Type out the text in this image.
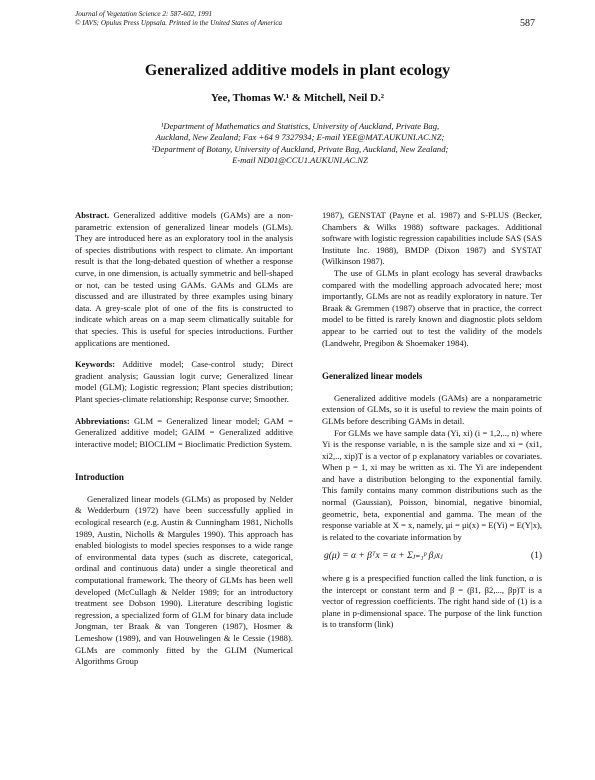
Journal of Vegetation Science 2: 587-602, 1991
© IAVS; Opulus Press Uppsala. Printed in the United States of America	587
Generalized additive models in plant ecology
Yee, Thomas W.¹ & Mitchell, Neil D.²
¹Department of Mathematics and Statistics, University of Auckland, Private Bag,
Auckland, New Zealand; Fax +64 9 7327934; E-mail YEE@MAT.AUKUNI.AC.NZ;
²Department of Botany, University of Auckland, Private Bag, Auckland, New Zealand;
E-mail ND01@CCU1.AUKUNI.AC.NZ

Abstract. Generalized additive models (GAMs) are a non-parametric extension of generalized linear models (GLMs). They are introduced here as an exploratory tool in the analysis of species distributions with respect to climate. An important result is that the long-debated question of whether a response curve, in one dimension, is actually symmetric and bell-shaped or not, can be tested using GAMs. GAMs and GLMs are discussed and are illustrated by three examples using binary data. A grey-scale plot of one of the fits is constructed to indicate which areas on a map seem climatically suitable for that species. This is useful for species introductions. Further applications are mentioned.

Keywords: Additive model; Case-control study; Direct gradient analysis; Gaussian logit curve; Generalized linear model (GLM); Logistic regression; Plant species distribution; Plant species-climate relationship; Response curve; Smoother.

Abbreviations: GLM = Generalized linear model; GAM = Generalized additive model; GAIM = Generalized additive interactive model; BIOCLIM = Bioclimatic Prediction System.

Introduction

Generalized linear models (GLMs) as proposed by Nelder & Wedderburn (1972) have been successfully applied in ecological research (e.g. Austin & Cunningham 1981, Nicholls 1989, Austin, Nicholls & Margules 1990). This approach has enabled biologists to model species responses to a wide range of environmental data types (such as discrete, categorical, ordinal and continuous data) under a single theoretical and computational framework. The theory of GLMs has been well developed (McCullagh & Nelder 1989; for an introductory treatment see Dobson 1990). Literature describing logistic regression, a specialized form of GLM for binary data include Jongman, ter Braak & van Tongeren (1987), Hosmer & Lemeshow (1989), and van Houwelingen & le Cessie (1988). GLMs are commonly fitted by the GLIM (Numerical Algorithms Group

1987), GENSTAT (Payne et al. 1987) and S-PLUS (Becker, Chambers & Wilks 1988) software packages. Additional software with logistic regression capabilities include SAS (SAS Institute Inc. 1988), BMDP (Dixon 1987) and SYSTAT (Wilkinson 1987).

The use of GLMs in plant ecology has several drawbacks compared with the modelling approach advocated here; most importantly, GLMs are not as readily exploratory in nature. Ter Braak & Gremmen (1987) observe that in practice, the correct model to be fitted is rarely known and diagnostic plots seldom appear to be carried out to test the validity of the models (Landwehr, Pregibon & Shoemaker 1984).

Generalized linear models

Generalized additive models (GAMs) are a nonparametric extension of GLMs, so it is useful to review the main points of GLMs before describing GAMs in detail.

For GLMs we have sample data (Yi, xi) (i = 1,2,.., n) where Yi is the response variable, n is the sample size and xi = (xi1, xi2,.., xip)T is a vector of p explanatory variables or covariates. When p = 1, xi may be written as xi. The Yi are independent and have a distribution belonging to the exponential family. This family contains many common distributions such as the normal (Gaussian), Poisson, binomial, negative binomial, geometric, beta, exponential and gamma. The mean of the response variable at X = x, namely, μi = μi(x) = E(Yi) = E(Y|x), is related to the covariate information by

g(μ) = α + βᵀx = α + Σⱼ₌₁ᵖ βⱼxⱼ	(1)

where g is a prespecified function called the link function, α is the intercept or constant term and β = (β1, β2,..., βp)T is a vector of regression coefficients. The right hand side of (1) is a plane in p-dimensional space. The purpose of the link function is to transform (link)
